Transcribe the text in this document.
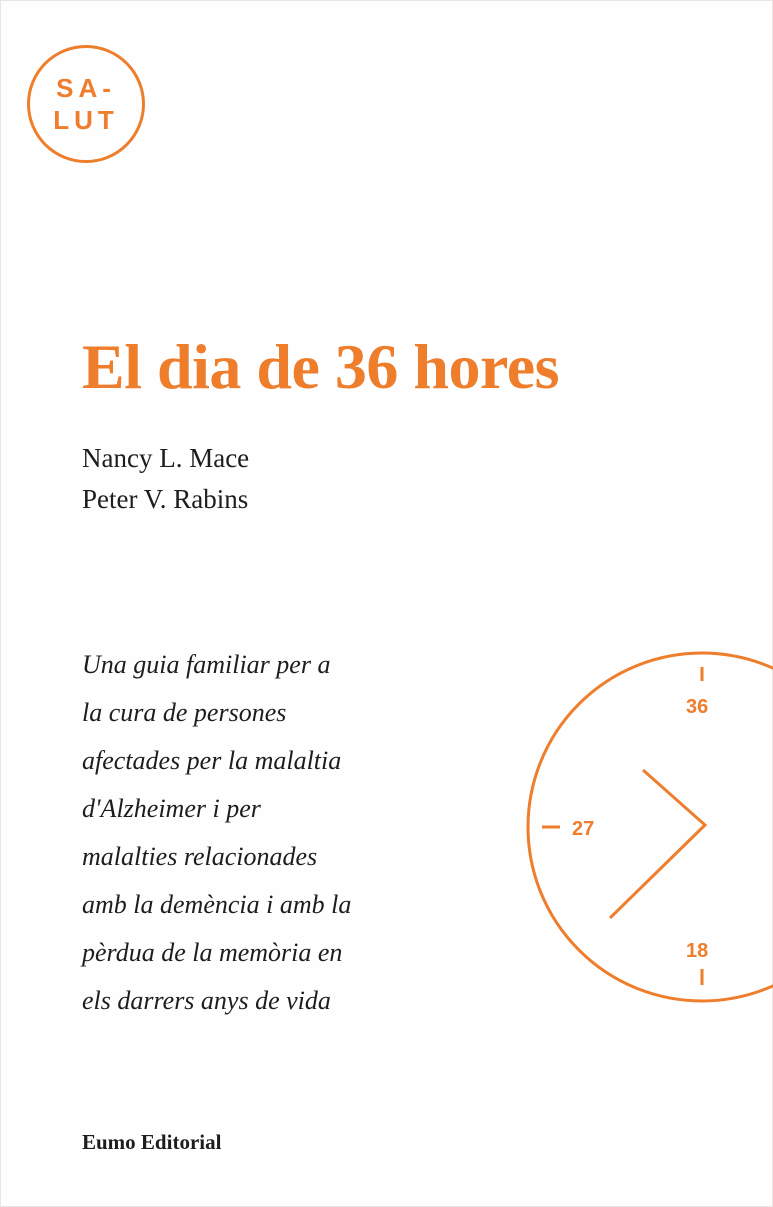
SA-
LUT
El dia de 36 hores
Nancy L. Mace
Peter V. Rabins
Una guia familiar per a
la cura de persones
afectades per la malaltia
d'Alzheimer i per
malalties relacionades
amb la demència i amb la
pèrdua de la memòria en
els darrers anys de vida
36
27
18
Eumo Editorial
